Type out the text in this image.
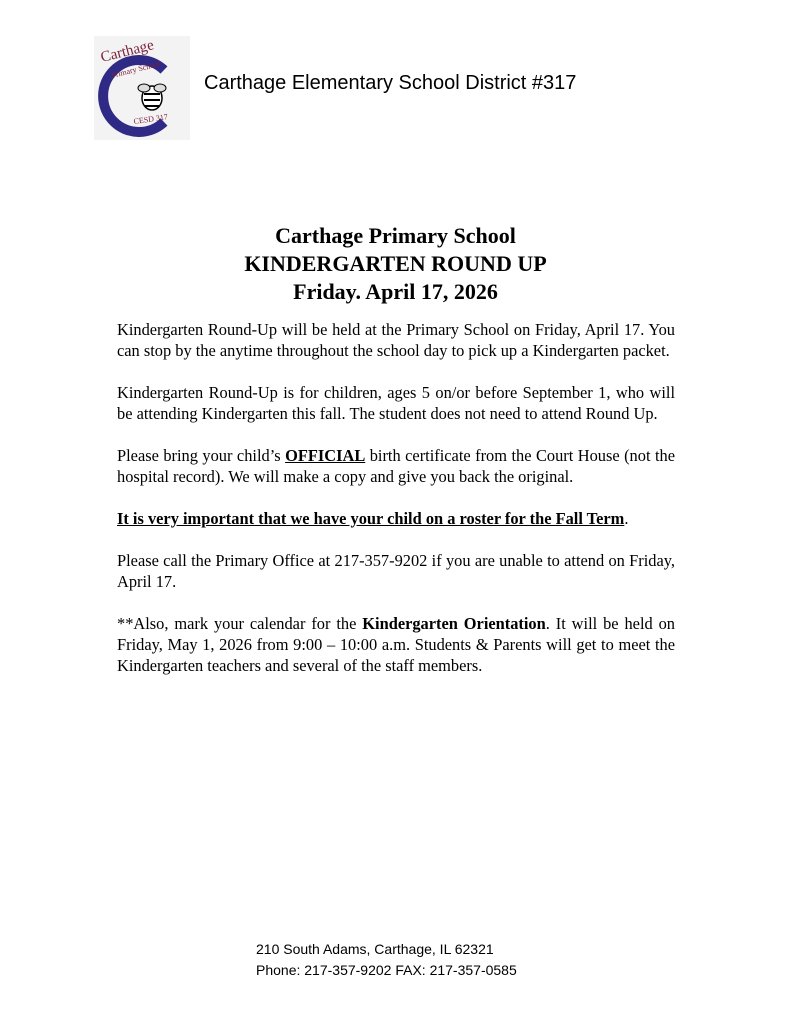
Carthage
Primary School
CESD 317
Carthage Elementary School District #317
Carthage Primary School
KINDERGARTEN ROUND UP
Friday. April 17, 2026

Kindergarten Round-Up will be held at the Primary School on Friday, April 17. You can stop by the anytime throughout the school day to pick up a Kindergarten packet.

Kindergarten Round-Up is for children, ages 5 on/or before September 1, who will be attending Kindergarten this fall. The student does not need to attend Round Up.

Please bring your child’s OFFICIAL birth certificate from the Court House (not the hospital record). We will make a copy and give you back the original.

It is very important that we have your child on a roster for the Fall Term.

Please call the Primary Office at 217-357-9202 if you are unable to attend on Friday, April 17.

**Also, mark your calendar for the Kindergarten Orientation. It will be held on Friday, May 1, 2026 from 9:00 – 10:00 a.m. Students & Parents will get to meet the Kindergarten teachers and several of the staff members.

210 South Adams, Carthage, IL 62321
Phone: 217-357-9202 FAX: 217-357-0585
